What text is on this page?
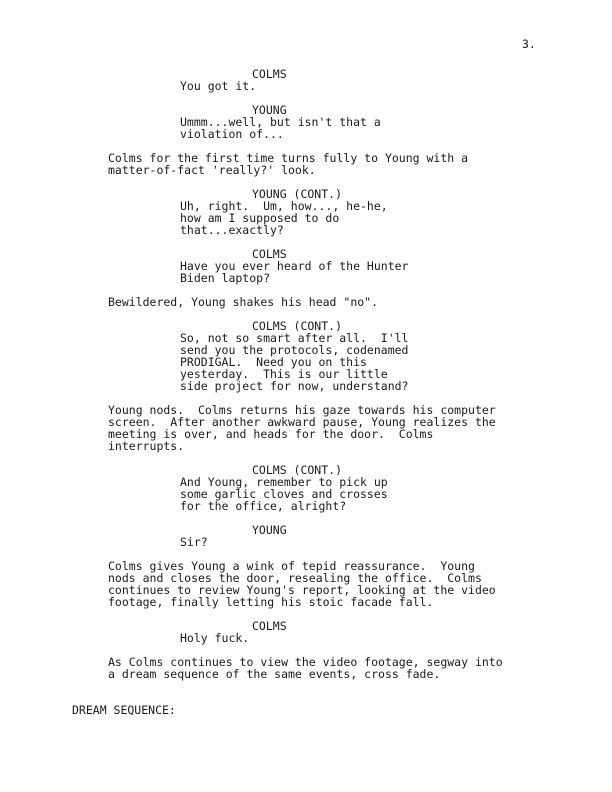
3.
COLMS
You got it.
YOUNG
Ummm...well, but isn't that a
violation of...
Colms for the first time turns fully to Young with a
matter-of-fact 'really?' look.
YOUNG (CONT.)
Uh, right.  Um, how..., he-he,
how am I supposed to do
that...exactly?
COLMS
Have you ever heard of the Hunter
Biden laptop?
Bewildered, Young shakes his head "no".
COLMS (CONT.)
So, not so smart after all.  I'll
send you the protocols, codenamed
PRODIGAL.  Need you on this
yesterday.  This is our little
side project for now, understand?
Young nods.  Colms returns his gaze towards his computer
screen.  After another awkward pause, Young realizes the
meeting is over, and heads for the door.  Colms
interrupts.
COLMS (CONT.)
And Young, remember to pick up
some garlic cloves and crosses
for the office, alright?
YOUNG
Sir?
Colms gives Young a wink of tepid reassurance.  Young
nods and closes the door, resealing the office.  Colms
continues to review Young's report, looking at the video
footage, finally letting his stoic facade fall.
COLMS
Holy fuck.
As Colms continues to view the video footage, segway into
a dream sequence of the same events, cross fade.
DREAM SEQUENCE:
